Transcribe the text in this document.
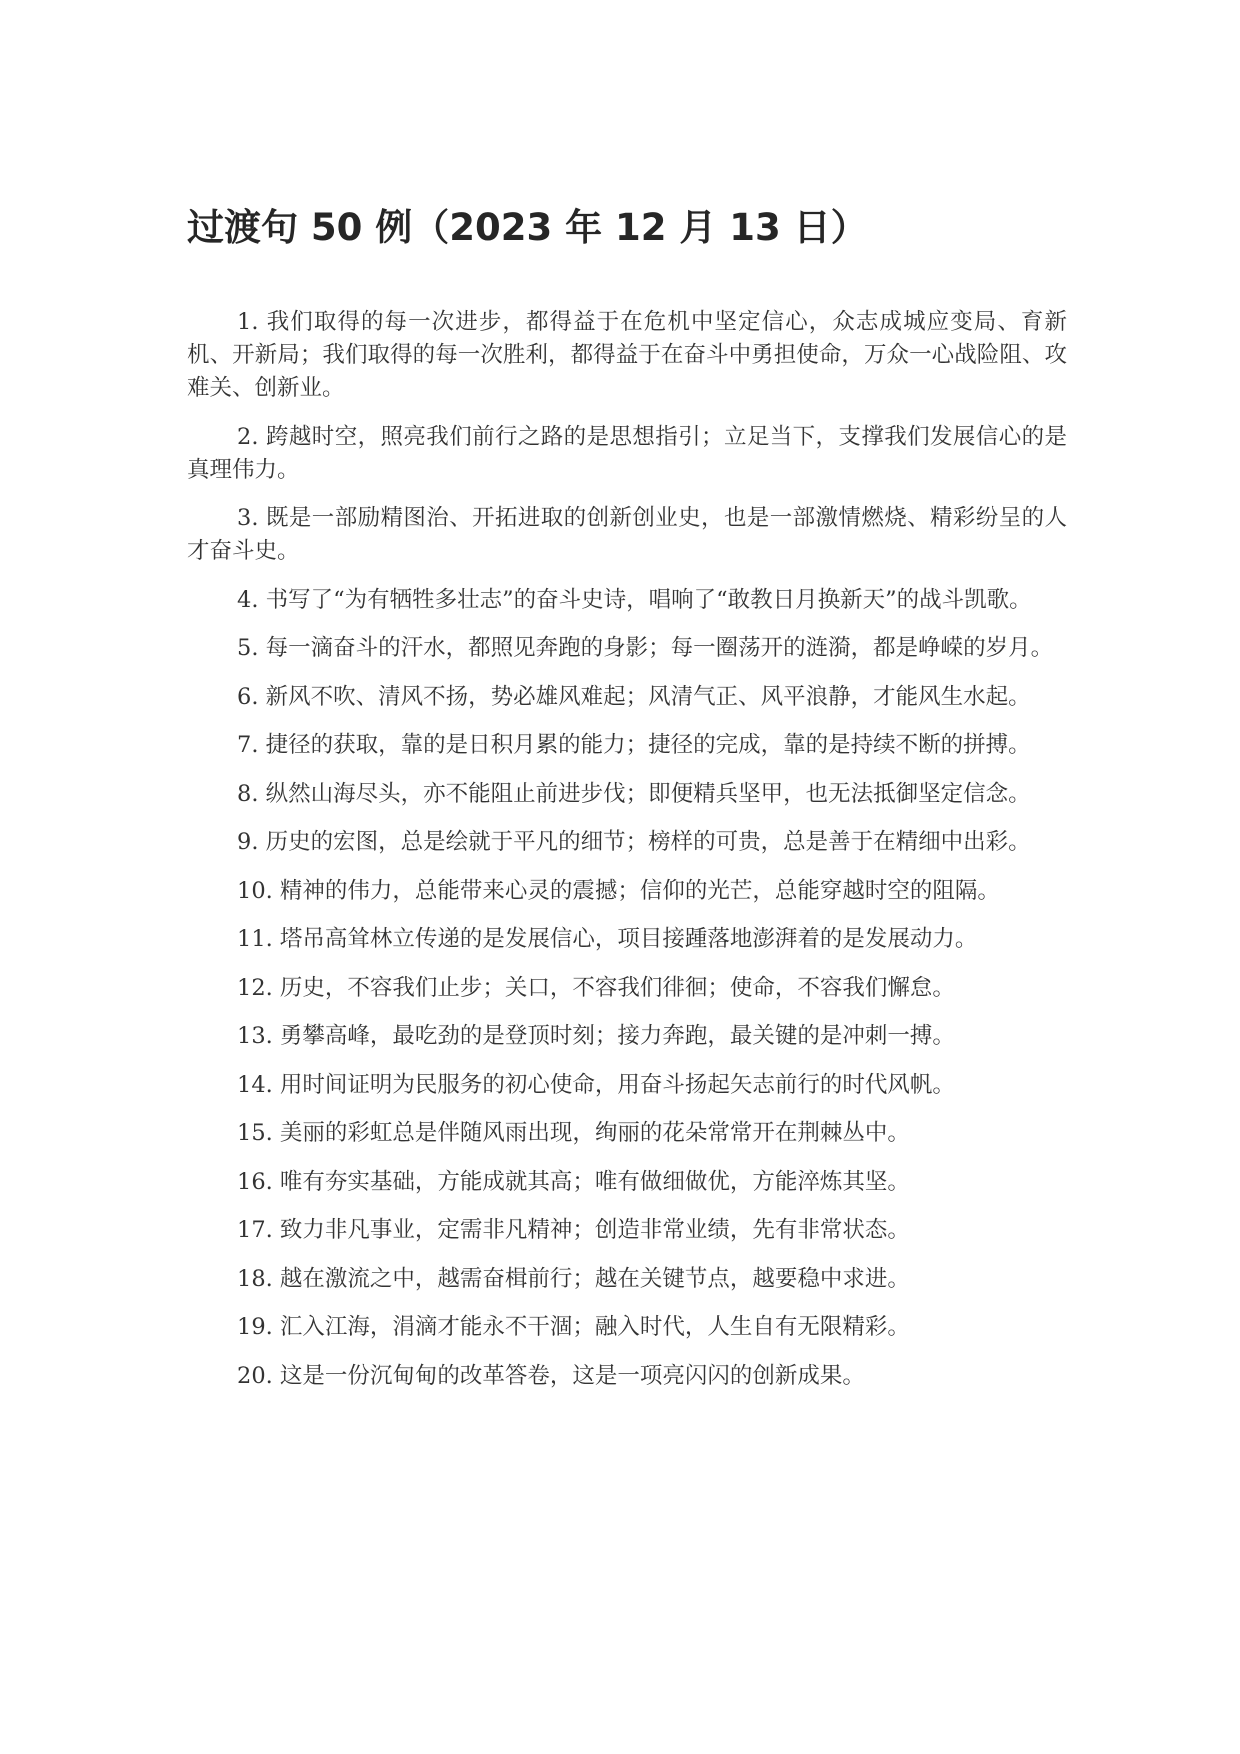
过渡句 50 例（2023 年 12 月 13 日）
1. 我们取得的每一次进步，都得益于在危机中坚定信心，众志成城应变局、育新机、开新局；我们取得的每一次胜利，都得益于在奋斗中勇担使命，万众一心战险阻、攻难关、创新业。
2. 跨越时空，照亮我们前行之路的是思想指引；立足当下，支撑我们发展信心的是真理伟力。
3. 既是一部励精图治、开拓进取的创新创业史，也是一部激情燃烧、精彩纷呈的人才奋斗史。
4. 书写了“为有牺牲多壮志”的奋斗史诗，唱响了“敢教日月换新天”的战斗凯歌。
5. 每一滴奋斗的汗水，都照见奔跑的身影；每一圈荡开的涟漪，都是峥嵘的岁月。
6. 新风不吹、清风不扬，势必雄风难起；风清气正、风平浪静，才能风生水起。
7. 捷径的获取，靠的是日积月累的能力；捷径的完成，靠的是持续不断的拼搏。
8. 纵然山海尽头，亦不能阻止前进步伐；即便精兵坚甲，也无法抵御坚定信念。
9. 历史的宏图，总是绘就于平凡的细节；榜样的可贵，总是善于在精细中出彩。
10. 精神的伟力，总能带来心灵的震撼；信仰的光芒，总能穿越时空的阻隔。
11. 塔吊高耸林立传递的是发展信心，项目接踵落地澎湃着的是发展动力。
12. 历史，不容我们止步；关口，不容我们徘徊；使命，不容我们懈怠。
13. 勇攀高峰，最吃劲的是登顶时刻；接力奔跑，最关键的是冲刺一搏。
14. 用时间证明为民服务的初心使命，用奋斗扬起矢志前行的时代风帆。
15. 美丽的彩虹总是伴随风雨出现，绚丽的花朵常常开在荆棘丛中。
16. 唯有夯实基础，方能成就其高；唯有做细做优，方能淬炼其坚。
17. 致力非凡事业，定需非凡精神；创造非常业绩，先有非常状态。
18. 越在激流之中，越需奋楫前行；越在关键节点，越要稳中求进。
19. 汇入江海，涓滴才能永不干涸；融入时代，人生自有无限精彩。
20. 这是一份沉甸甸的改革答卷，这是一项亮闪闪的创新成果。
